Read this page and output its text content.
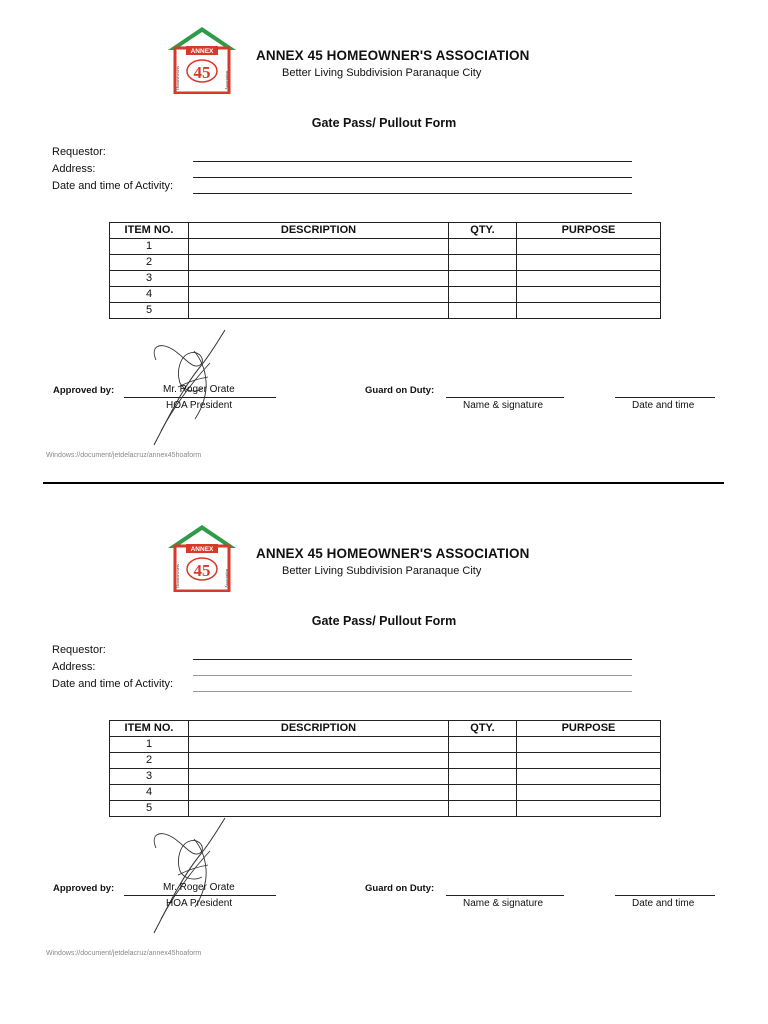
ANNEX
45
Homeowners	Association
ANNEX 45 HOMEOWNER'S ASSOCIATION
Better Living Subdivision Paranaque City
Gate Pass/ Pullout Form
Requestor:
Address:
Date and time of Activity:
ITEM NO.	DESCRIPTION	QTY.	PURPOSE
1			
2			
3			
4			
5			
Approved by:	Mr. Roger Orate
HOA President
Guard on Duty:
Name & signature	Date and time
Windows://document/jetdelacruz/annex45hoaform
ANNEX
45
Homeowners	Association
ANNEX 45 HOMEOWNER'S ASSOCIATION
Better Living Subdivision Paranaque City
Gate Pass/ Pullout Form
Requestor:
Address:
Date and time of Activity:
ITEM NO.	DESCRIPTION	QTY.	PURPOSE
1			
2			
3			
4			
5			
Approved by:	Mr. Roger Orate
HOA President
Guard on Duty:
Name & signature	Date and time
Windows://document/jetdelacruz/annex45hoaform
